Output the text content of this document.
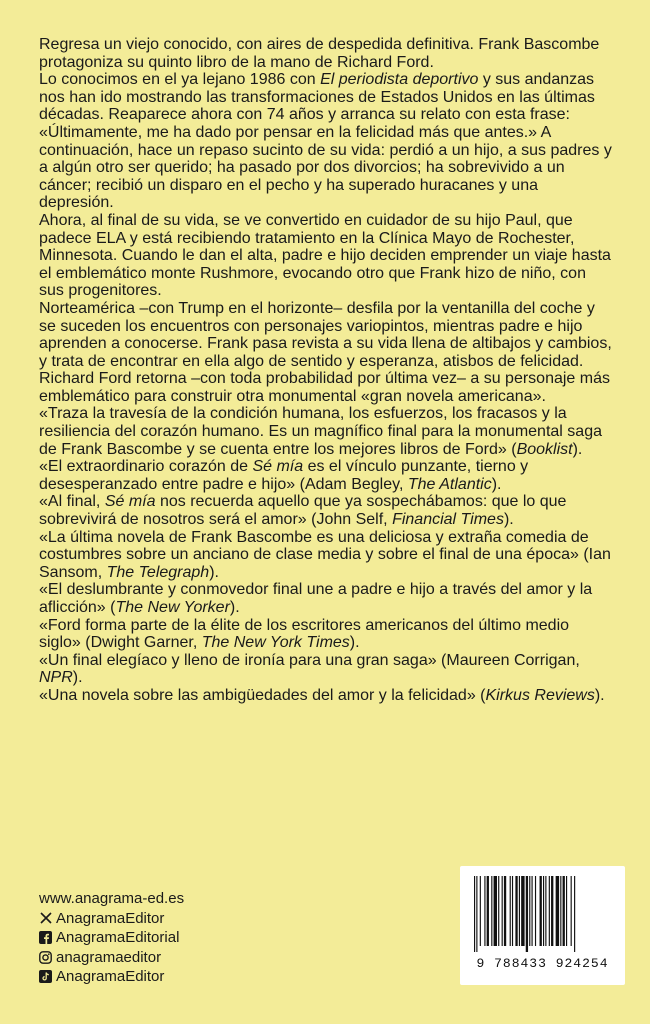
Regresa un viejo conocido, con aires de despedida definitiva. Frank Bascombe protagoniza su quinto libro de la mano de Richard Ford.

Lo conocimos en el ya lejano 1986 con El periodista deportivo y sus andanzas nos han ido mostrando las transformaciones de Estados Unidos en las últimas décadas. Reaparece ahora con 74 años y arranca su relato con esta frase: «Últimamente, me ha dado por pensar en la felicidad más que antes.» A continuación, hace un repaso sucinto de su vida: perdió a un hijo, a sus padres y a algún otro ser querido; ha pasado por dos divorcios; ha sobrevivido a un cáncer; recibió un disparo en el pecho y ha superado huracanes y una depresión.

Ahora, al final de su vida, se ve convertido en cuidador de su hijo Paul, que padece ELA y está recibiendo tratamiento en la Clínica Mayo de Rochester, Minnesota. Cuando le dan el alta, padre e hijo deciden emprender un viaje hasta el emblemático monte Rushmore, evocando otro que Frank hizo de niño, con sus progenitores.

Norteamérica –con Trump en el horizonte– desfila por la ventanilla del coche y se suceden los encuentros con personajes variopintos, mientras padre e hijo aprenden a conocerse. Frank pasa revista a su vida llena de altibajos y cambios, y trata de encontrar en ella algo de sentido y esperanza, atisbos de felicidad.

Richard Ford retorna –con toda probabilidad por última vez– a su personaje más emblemático para construir otra monumental «gran novela americana».

«Traza la travesía de la condición humana, los esfuerzos, los fracasos y la resiliencia del corazón humano. Es un magnífico final para la monumental saga de Frank Bascombe y se cuenta entre los mejores libros de Ford» (Booklist).

«El extraordinario corazón de Sé mía es el vínculo punzante, tierno y desesperanzado entre padre e hijo» (Adam Begley, The Atlantic).

«Al final, Sé mía nos recuerda aquello que ya sospechábamos: que lo que sobrevivirá de nosotros será el amor» (John Self, Financial Times).

«La última novela de Frank Bascombe es una deliciosa y extraña comedia de costumbres sobre un anciano de clase media y sobre el final de una época» (Ian Sansom, The Telegraph).

«El deslumbrante y conmovedor final une a padre e hijo a través del amor y la aflicción» (The New Yorker).

«Ford forma parte de la élite de los escritores americanos del último medio siglo» (Dwight Garner, The New York Times).

«Un final elegíaco y lleno de ironía para una gran saga» (Maureen Corrigan, NPR).

«Una novela sobre las ambigüedades del amor y la felicidad» (Kirkus Reviews).

www.anagrama-ed.es
AnagramaEditor
AnagramaEditorial
anagramaeditor
AnagramaEditor
9 788433 924254
